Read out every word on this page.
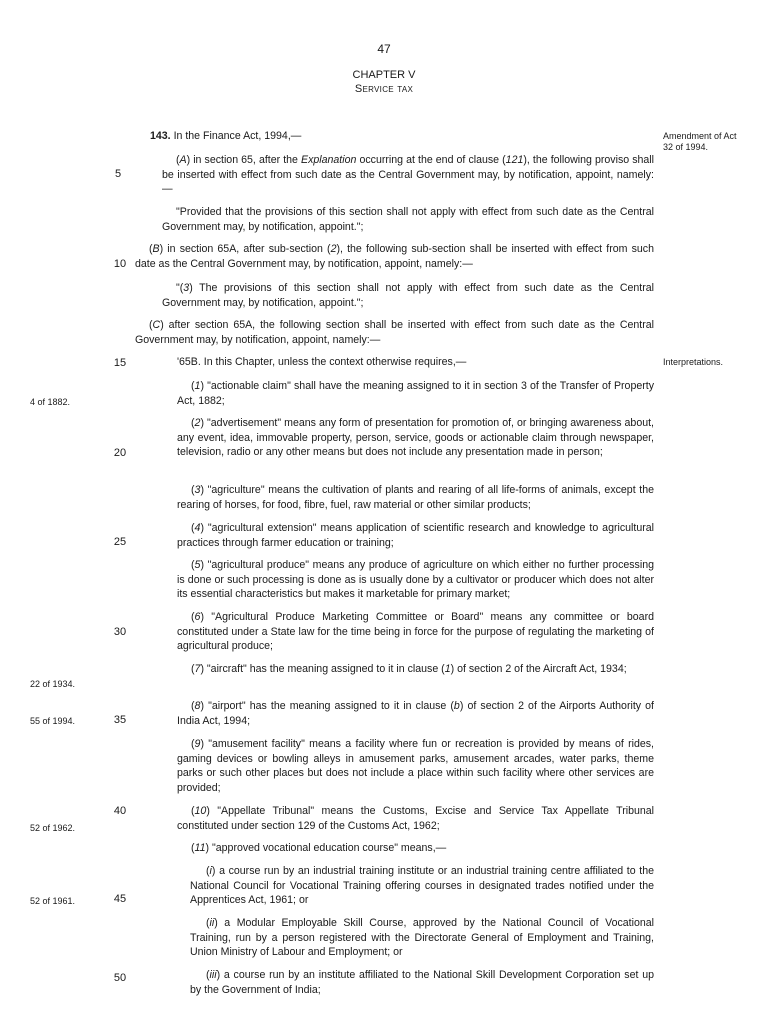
47
CHAPTER V
Service tax
Amendment of Act 32 of 1994.
Interpretations.
4 of 1882.
22 of 1934.
55 of 1994.
52 of 1962.
52 of 1961.
5
10
15
20
25
30
35
40
45
50
143. In the Finance Act, 1994,—
(A) in section 65, after the Explanation occurring at the end of clause (121), the following proviso shall be inserted with effect from such date as the Central Government may, by notification, appoint, namely:—
"Provided that the provisions of this section shall not apply with effect from such date as the Central Government may, by notification, appoint.";
(B) in section 65A, after sub-section (2), the following sub-section shall be inserted with effect from such date as the Central Government may, by notification, appoint, namely:—
"(3) The provisions of this section shall not apply with effect from such date as the Central Government may, by notification, appoint.";
(C) after section 65A, the following section shall be inserted with effect from such date as the Central Government may, by notification, appoint, namely:—
'65B. In this Chapter, unless the context otherwise requires,—
(1) "actionable claim" shall have the meaning assigned to it in section 3 of the Transfer of Property Act, 1882;
(2) "advertisement" means any form of presentation for promotion of, or bringing awareness about, any event, idea, immovable property, person, service, goods or actionable claim through newspaper, television, radio or any other means but does not include any presentation made in person;
(3) "agriculture" means the cultivation of plants and rearing of all life-forms of animals, except the rearing of horses, for food, fibre, fuel, raw material or other similar products;
(4) "agricultural extension" means application of scientific research and knowledge to agricultural practices through farmer education or training;
(5) "agricultural produce" means any produce of agriculture on which either no further processing is done or such processing is done as is usually done by a cultivator or producer which does not alter its essential characteristics but makes it marketable for primary market;
(6) "Agricultural Produce Marketing Committee or Board" means any committee or board constituted under a State law for the time being in force for the purpose of regulating the marketing of agricultural produce;
(7) "aircraft" has the meaning assigned to it in clause (1) of section 2 of the Aircraft Act, 1934;
(8) "airport" has the meaning assigned to it in clause (b) of section 2 of the Airports Authority of India Act, 1994;
(9) "amusement facility" means a facility where fun or recreation is provided by means of rides, gaming devices or bowling alleys in amusement parks, amusement arcades, water parks, theme parks or such other places but does not include a place within such facility where other services are provided;
(10) "Appellate Tribunal" means the Customs, Excise and Service Tax Appellate Tribunal constituted under section 129 of the Customs Act, 1962;
(11) "approved vocational education course" means,—
(i) a course run by an industrial training institute or an industrial training centre affiliated to the National Council for Vocational Training offering courses in designated trades notified under the Apprentices Act, 1961; or
(ii) a Modular Employable Skill Course, approved by the National Council of Vocational Training, run by a person registered with the Directorate General of Employment and Training, Union Ministry of Labour and Employment; or
(iii) a course run by an institute affiliated to the National Skill Development Corporation set up by the Government of India;
